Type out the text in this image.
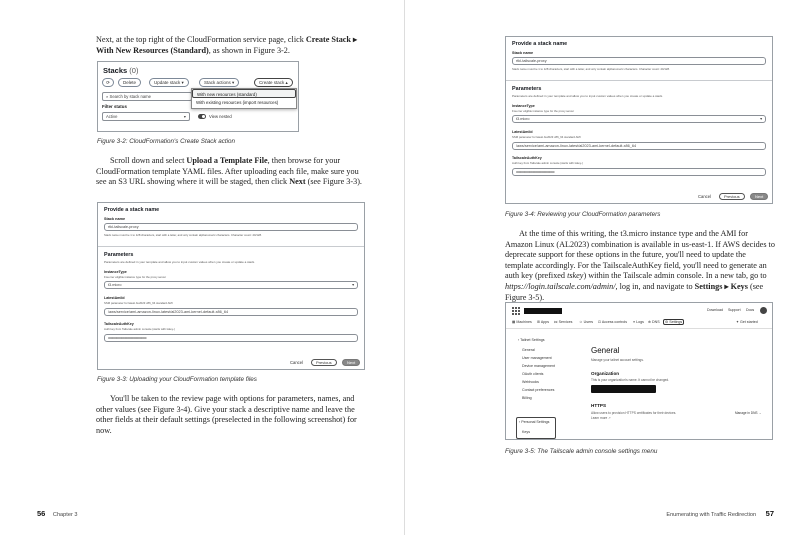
Next, at the top right of the CloudFormation service page, click Create Stack ▸ With New Resources (Standard), as shown in Figure 3-2.

Stacks (0)
⟳	Delete	Update stack ▾	Stack actions ▾	Create stack ▴
⌕ Search by stack name	With new resources (standard)
With existing resources (import resources)
Filter status
Active	▾	View nested
Figure 3-2: CloudFormation's Create Stack action

Scroll down and select Upload a Template File, then browse for your CloudFormation template YAML files. After uploading each file, make sure you see an S3 URL showing where it will be staged, then click Next (see Figure 3-3).

Provide a stack name
Stack name
rtkl-tailscale-proxy
Stack name must be 1 to 128 characters, start with a letter, and only contain alphanumeric characters. Character count: 20/128.
Parameters
Parameters are defined in your template and allow you to input custom values when you create or update a stack.
InstanceType
Free tier eligible instance type for the proxy server
t3.micro	▾
LatestAmiId
SSM parameter for latest AL2023 x86_64 standard AMI
/aws/service/ami-amazon-linux-latest/al2023-ami-kernel-default-x86_64
TailscaleAuthKey
Auth key from Tailscale admin console (starts with tskey-)
••••••••••••••••••••••••••••••••••••••••••••••
Cancel	Previous	Next
Figure 3-3: Uploading your CloudFormation template files

You'll be taken to the review page with options for parameters, names, and other values (see Figure 3-4). Give your stack a descriptive name and leave the other fields at their default settings (preselected in the following screenshot) for now.

56 Chapter 3
Provide a stack name
Stack name
rtkl-tailscale-proxy
Stack name must be 1 to 128 characters, start with a letter, and only contain alphanumeric characters. Character count: 20/128.
Parameters
Parameters are defined in your template and allow you to input custom values when you create or update a stack.
InstanceType
Free tier eligible instance type for the proxy server
t3.micro	▾
LatestAmiId
SSM parameter for latest AL2023 x86_64 standard AMI
/aws/service/ami-amazon-linux-latest/al2023-ami-kernel-default-x86_64
TailscaleAuthKey
Auth key from Tailscale admin console (starts with tskey-)
••••••••••••••••••••••••••••••••••••••••••••••
Cancel	Previous	Next
Figure 3-4: Reviewing your CloudFormation parameters

At the time of this writing, the t3.micro instance type and the AMI for Amazon Linux (AL2023) combination is available in us-east-1. If AWS decides to deprecate support for these options in the future, you'll need to update the template accordingly. For the TailscaleAuthKey field, you'll need to generate an auth key (prefixed tskey) within the Tailscale admin console. In a new tab, go to https://login.tailscale.com/admin/, log in, and navigate to Settings ▸ Keys (see Figure 3-5).

Download Support Docs
▦ Machines ⊞ Apps ⋈ Services ☺ Users ⊡ Access controls ≡ Logs ⊕ DNS	⚙ Settings	✦ Get started
‹ Tailnet Settings
General
User management
Device management
OAuth clients
Webhooks
Contact preferences
Billing
‹ Personal Settings
Keys
General
Manage your tailnet account settings.
Organization
This is your organization's name. It cannot be changed.
HTTPS
Allow users to provision HTTPS certificates for their devices.
Learn more ↗
Manage in DNS →
Figure 3-5: The Tailscale admin console settings menu
Enumerating with Traffic Redirection 57
